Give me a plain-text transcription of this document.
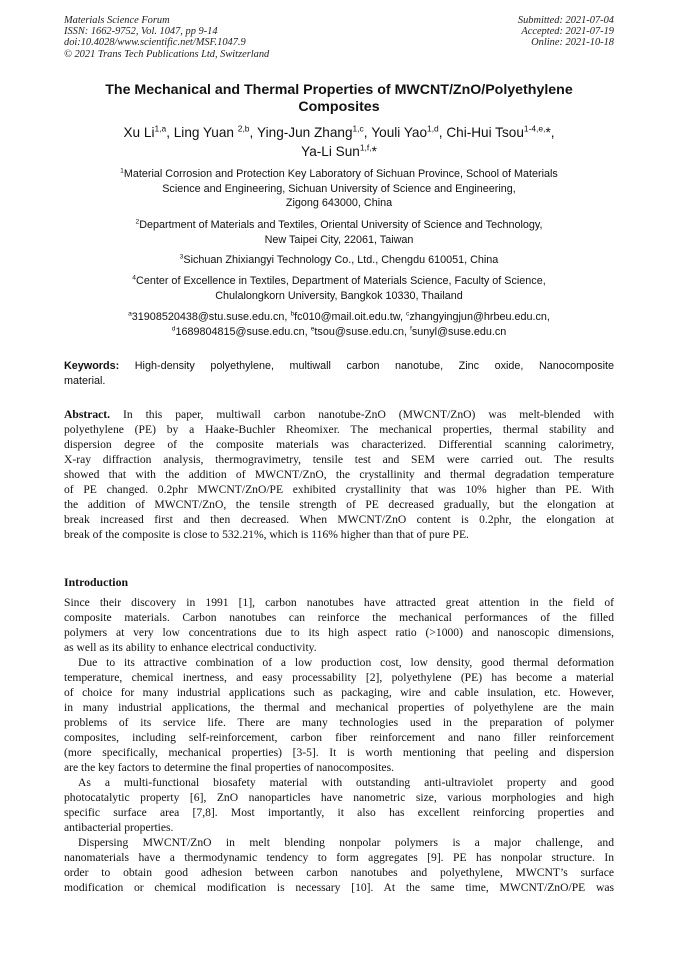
Materials Science Forum
ISSN: 1662-9752, Vol. 1047, pp 9-14
doi:10.4028/www.scientific.net/MSF.1047.9
© 2021 Trans Tech Publications Ltd, Switzerland
Submitted: 2021-07-04
Accepted: 2021-07-19
Online: 2021-10-18
The Mechanical and Thermal Properties of MWCNT/ZnO/Polyethylene
Composites
Xu Li$^{1,a}$, Ling Yuan $^{2,b}$, Ying-Jun Zhang$^{1,c}$, Youli Yao$^{1,d}$, Chi-Hui Tsou$^{1-4,e,}$*,
Ya-Li Sun$^{1,f,}$*
$^1$Material Corrosion and Protection Key Laboratory of Sichuan Province, School of Materials
Science and Engineering, Sichuan University of Science and Engineering,
Zigong 643000, China
$^2$Department of Materials and Textiles, Oriental University of Science and Technology,
New Taipei City, 22061, Taiwan
$^3$Sichuan Zhixiangyi Technology Co., Ltd., Chengdu 610051, China
$^4$Center of Excellence in Textiles, Department of Materials Science, Faculty of Science,
Chulalongkorn University, Bangkok 10330, Thailand
$^a$31908520438@stu.suse.edu.cn, $^b$fc010@mail.oit.edu.tw, $^c$zhangyingjun@hrbeu.edu.cn,
$^d$1689804815@suse.edu.cn, $^e$tsou@suse.edu.cn, $^f$sunyl@suse.edu.cn
Keywords: High-density polyethylene, multiwall carbon nanotube, Zinc oxide, Nanocomposite
material.
Abstract. In this paper, multiwall carbon nanotube-ZnO (MWCNT/ZnO) was melt-blended with
polyethylene (PE) by a Haake-Buchler Rheomixer. The mechanical properties, thermal stability and
dispersion degree of the composite materials was characterized. Differential scanning calorimetry,
X-ray diffraction analysis, thermogravimetry, tensile test and SEM were carried out. The results
showed that with the addition of MWCNT/ZnO, the crystallinity and thermal degradation temperature
of PE changed. 0.2phr MWCNT/ZnO/PE exhibited crystallinity that was 10% higher than PE. With
the addition of MWCNT/ZnO, the tensile strength of PE decreased gradually, but the elongation at
break increased first and then decreased. When MWCNT/ZnO content is 0.2phr, the elongation at
break of the composite is close to 532.21%, which is 116% higher than that of pure PE.
Introduction
Since their discovery in 1991 [1], carbon nanotubes have attracted great attention in the field of
composite materials. Carbon nanotubes can reinforce the mechanical performances of the filled
polymers at very low concentrations due to its high aspect ratio (>1000) and nanoscopic dimensions,
as well as its ability to enhance electrical conductivity.
Due to its attractive combination of a low production cost, low density, good thermal deformation
temperature, chemical inertness, and easy processability [2], polyethylene (PE) has become a material
of choice for many industrial applications such as packaging, wire and cable insulation, etc. However,
in many industrial applications, the thermal and mechanical properties of polyethylene are the main
problems of its service life. There are many technologies used in the preparation of polymer
composites, including self-reinforcement, carbon fiber reinforcement and nano filler reinforcement
(more specifically, mechanical properties) [3-5]. It is worth mentioning that peeling and dispersion
are the key factors to determine the final properties of nanocomposites.
As a multi-functional biosafety material with outstanding anti-ultraviolet property and good
photocatalytic property [6], ZnO nanoparticles have nanometric size, various morphologies and high
specific surface area [7,8]. Most importantly, it also has excellent reinforcing properties and
antibacterial properties.
Dispersing MWCNT/ZnO in melt blending nonpolar polymers is a major challenge, and
nanomaterials have a thermodynamic tendency to form aggregates [9]. PE has nonpolar structure. In
order to obtain good adhesion between carbon nanotubes and polyethylene, MWCNT’s surface
modification or chemical modification is necessary [10]. At the same time, MWCNT/ZnO/PE was
